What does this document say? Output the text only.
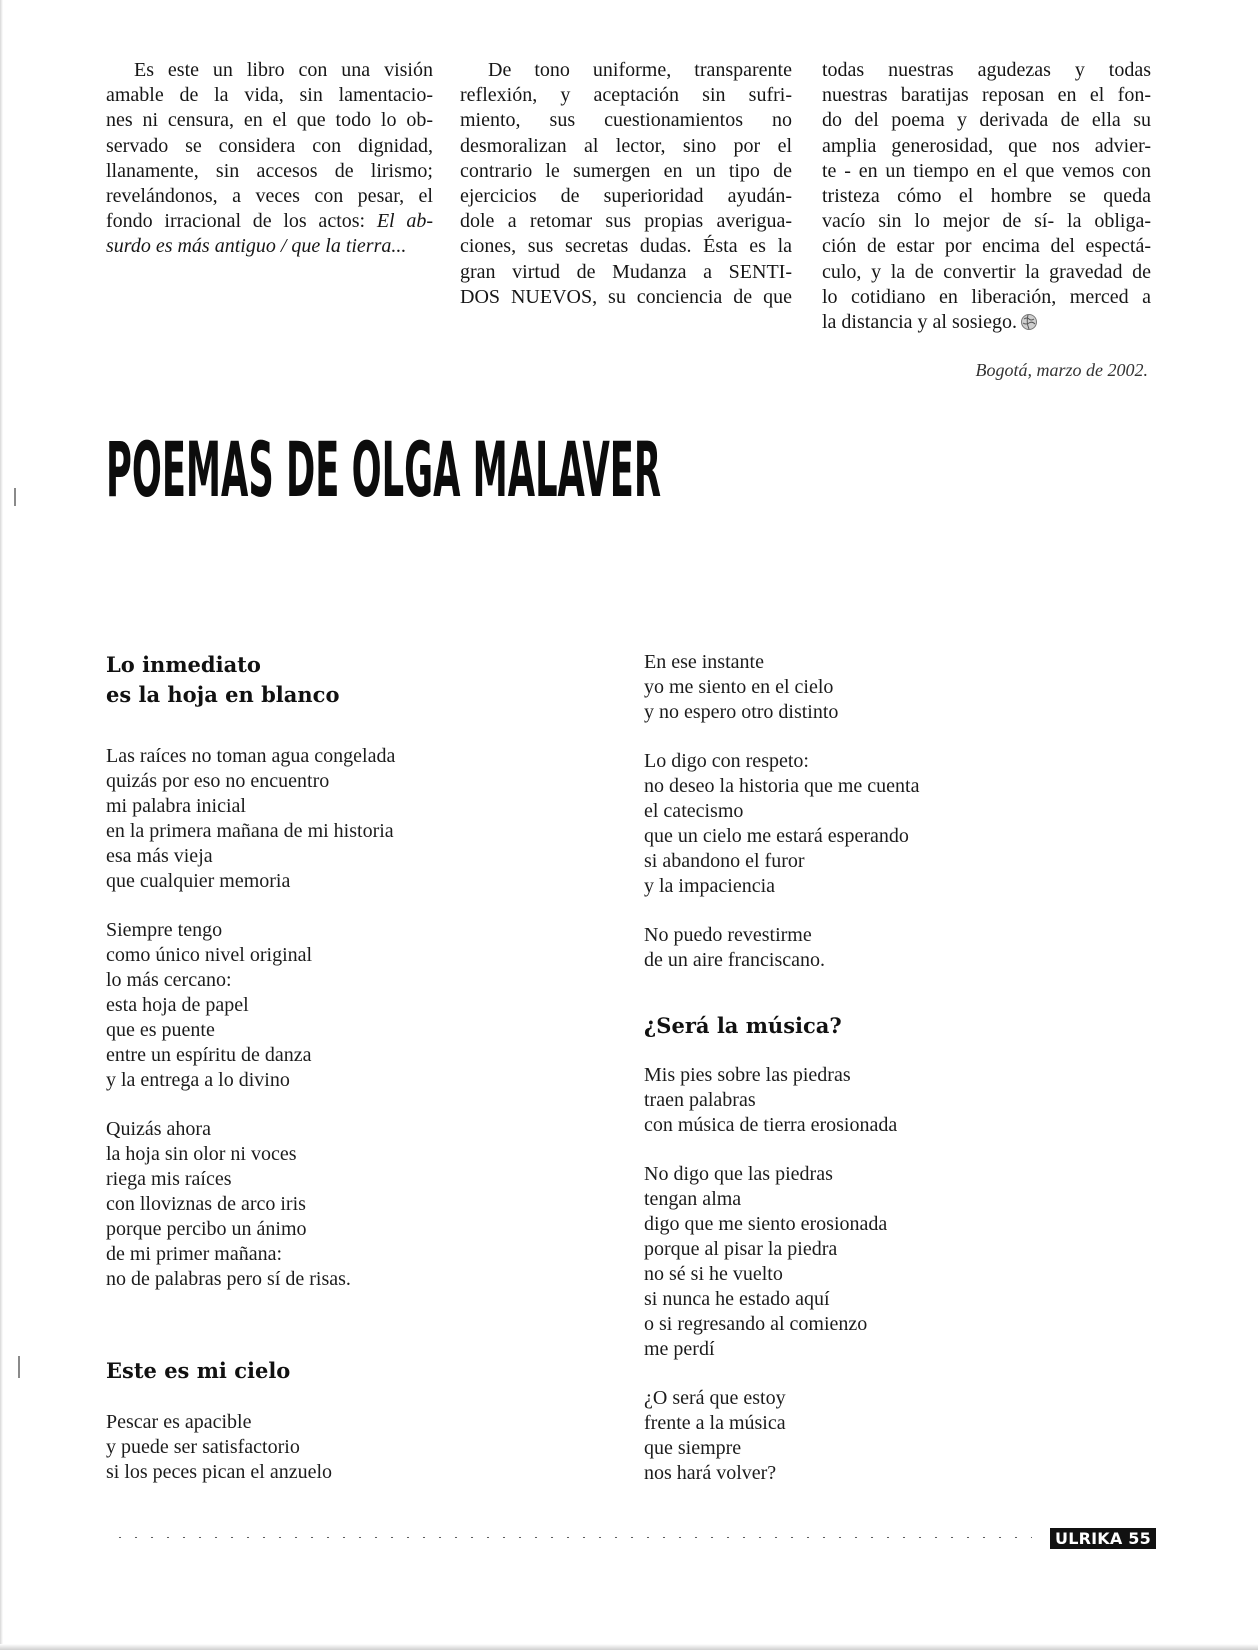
Es este un libro con una visión
amable de la vida, sin lamentacio-
nes ni censura, en el que todo lo ob-
servado se considera con dignidad,
llanamente, sin accesos de lirismo;
revelándonos, a veces con pesar, el
fondo irracional de los actos: El ab-
surdo es más antiguo / que la tierra...
De tono uniforme, transparente
reflexión, y aceptación sin sufri-
miento, sus cuestionamientos no
desmoralizan al lector, sino por el
contrario le sumergen en un tipo de
ejercicios de superioridad ayudán-
dole a retomar sus propias averigua-
ciones, sus secretas dudas. Ésta es la
gran virtud de Mudanza a SENTI-
DOS NUEVOS, su conciencia de que
todas nuestras agudezas y todas
nuestras baratijas reposan en el fon-
do del poema y derivada de ella su
amplia generosidad, que nos advier-
te - en un tiempo en el que vemos con
tristeza cómo el hombre se queda
vacío sin lo mejor de sí- la obliga-
ción de estar por encima del espectá-
culo, y la de convertir la gravedad de
lo cotidiano en liberación, merced a
la distancia y al sosiego.
Bogotá, marzo de 2002.
POEMAS DE OLGA MALAVER
Lo inmediato
es la hoja en blanco
Las raíces no toman agua congelada
quizás por eso no encuentro
mi palabra inicial
en la primera mañana de mi historia
esa más vieja
que cualquier memoria
Siempre tengo
como único nivel original
lo más cercano:
esta hoja de papel
que es puente
entre un espíritu de danza
y la entrega a lo divino
Quizás ahora
la hoja sin olor ni voces
riega mis raíces
con lloviznas de arco iris
porque percibo un ánimo
de mi primer mañana:
no de palabras pero sí de risas.
Este es mi cielo
Pescar es apacible
y puede ser satisfactorio
si los peces pican el anzuelo
En ese instante
yo me siento en el cielo
y no espero otro distinto
Lo digo con respeto:
no deseo la historia que me cuenta
el catecismo
que un cielo me estará esperando
si abandono el furor
y la impaciencia
No puedo revestirme
de un aire franciscano.
¿Será la música?
Mis pies sobre las piedras
traen palabras
con música de tierra erosionada
No digo que las piedras
tengan alma
digo que me siento erosionada
porque al pisar la piedra
no sé si he vuelto
si nunca he estado aquí
o si regresando al comienzo
me perdí
¿O será que estoy
frente a la música
que siempre
nos hará volver?
ULRIKA 55
